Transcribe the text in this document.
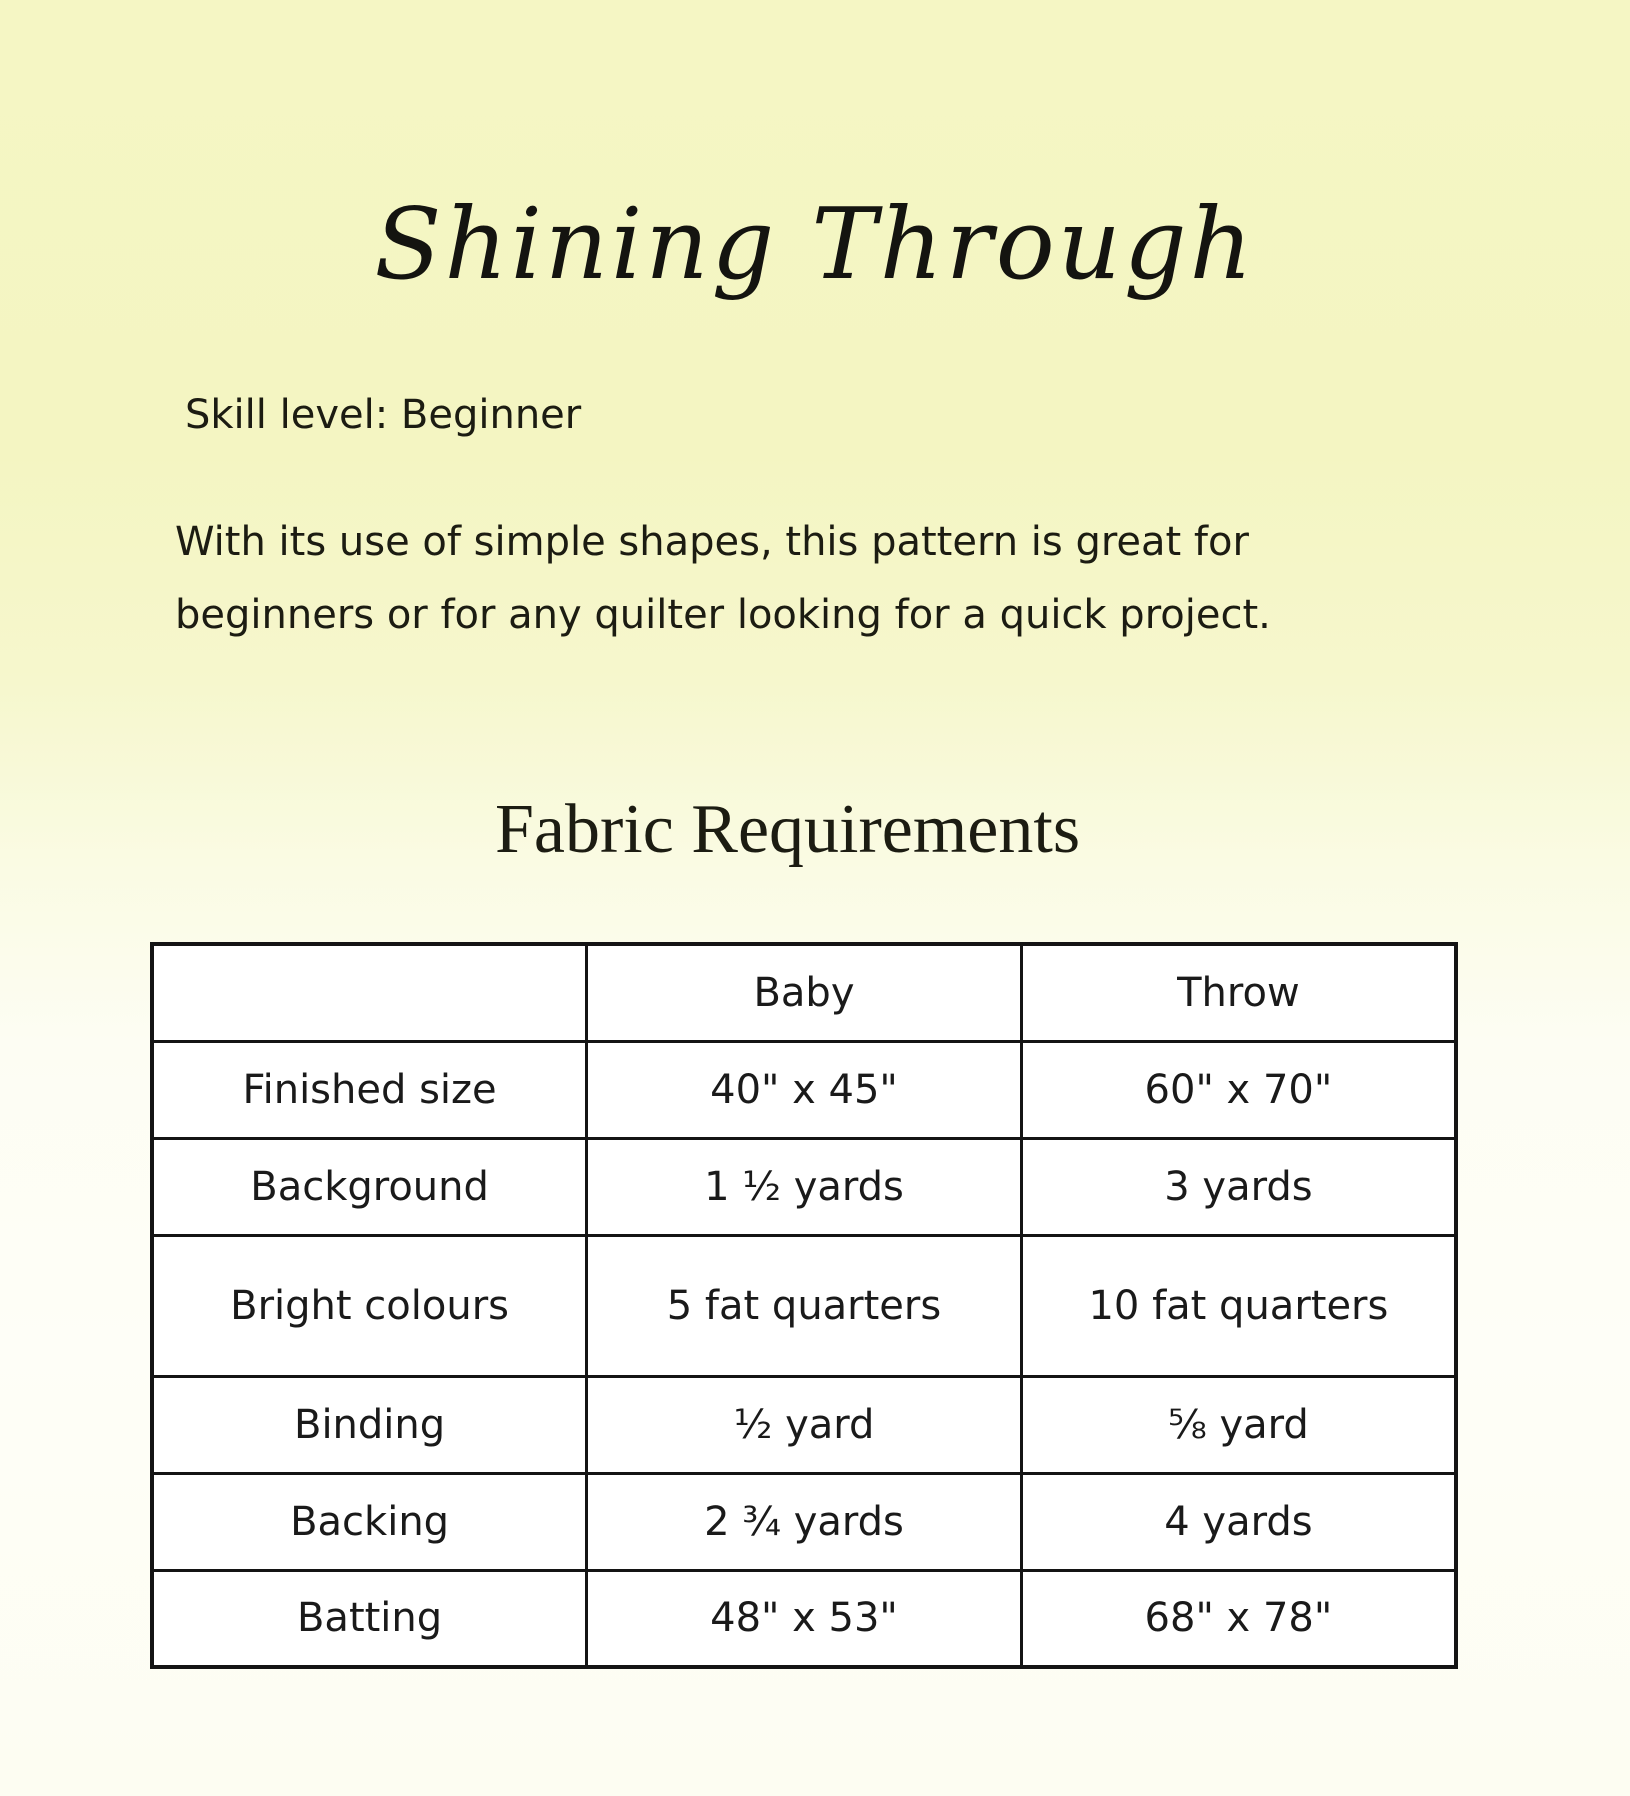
Shining Through

Skill level: Beginner

With its use of simple shapes, this pattern is great for beginners or for any quilter looking for a quick project.

Fabric Requirements
	Baby	Throw
Finished size	40" x 45"	60" x 70"
Background	1 ½ yards	3 yards
Bright colours	5 fat quarters	10 fat quarters
Binding	½ yard	⅝ yard
Backing	2 ¾ yards	4 yards
Batting	48" x 53"	68" x 78"
